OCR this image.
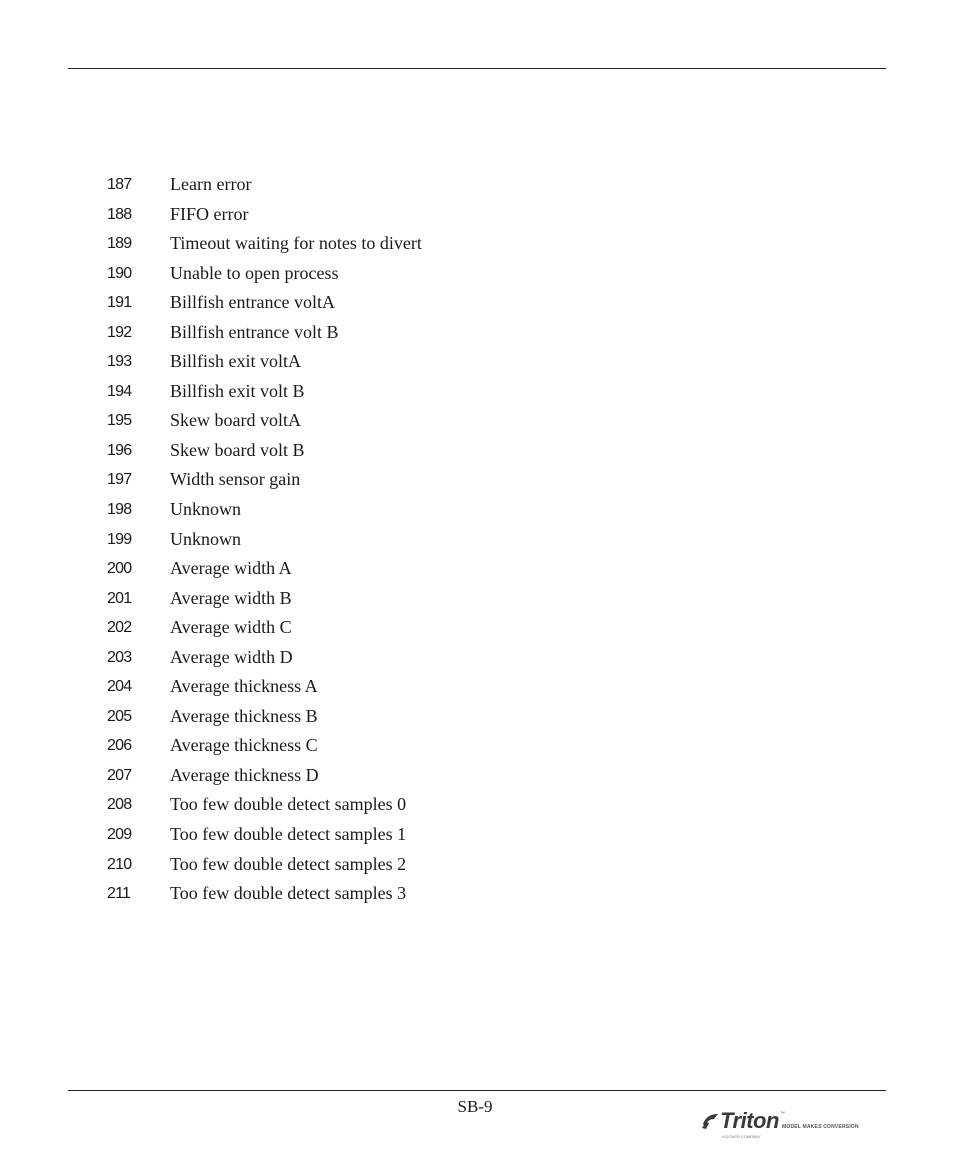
187 Learn error
188 FIFO error
189 Timeout waiting for notes to divert
190 Unable to open process
191 Billfish entrance voltA
192 Billfish entrance volt B
193 Billfish exit voltA
194 Billfish exit volt B
195 Skew board voltA
196 Skew board volt B
197 Width sensor gain
198 Unknown
199 Unknown
200 Average width A
201 Average width B
202 Average width C
203 Average width D
204 Average thickness A
205 Average thickness B
206 Average thickness C
207 Average thickness D
208 Too few double detect samples 0
209 Too few double detect samples 1
210 Too few double detect samples 2
211 Too few double detect samples 3
SB-9
Triton ™
MODEL MAKES CONVERSION
A DOVER COMPANY
